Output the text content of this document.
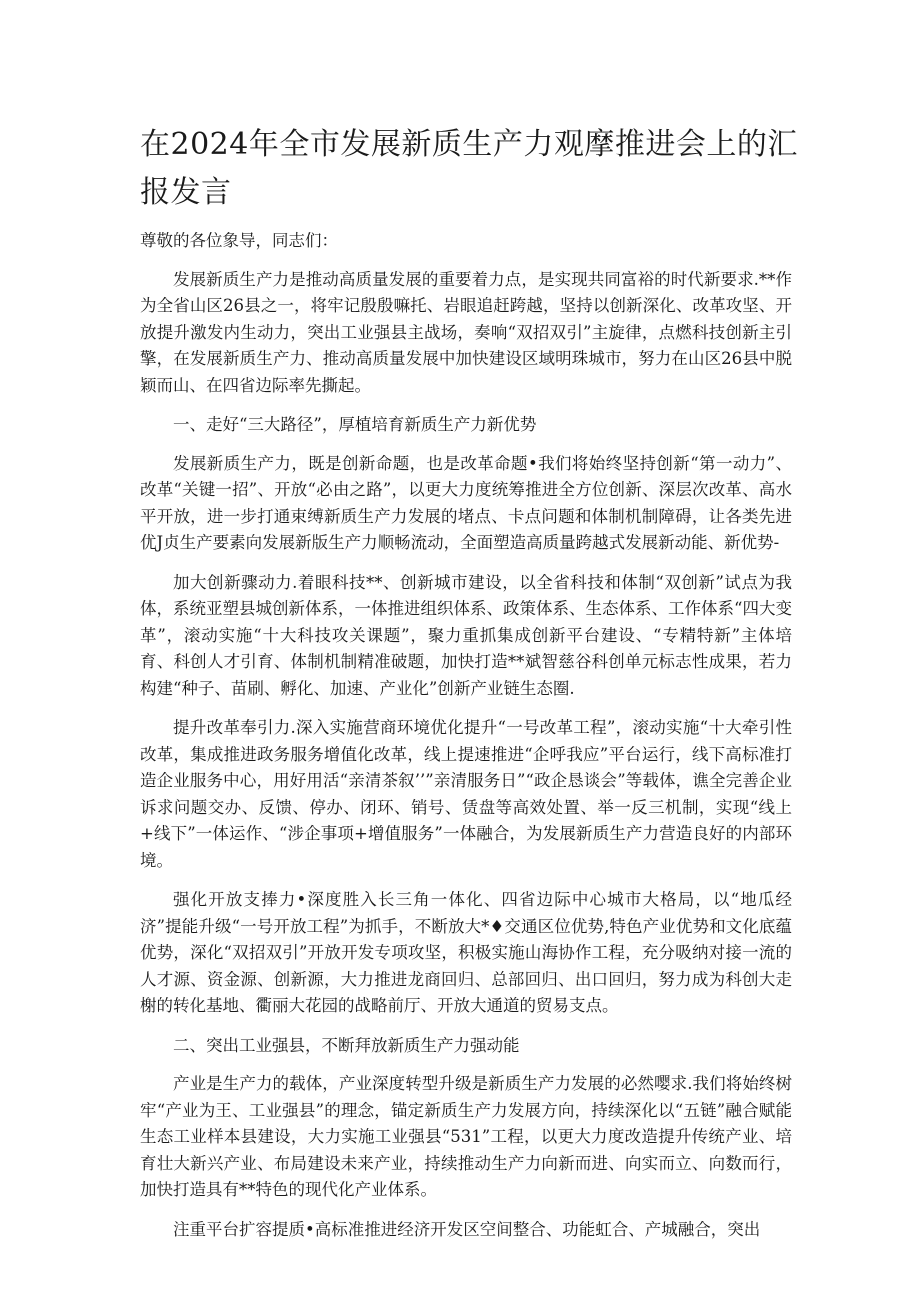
在2024年全市发展新质生产力观摩推进会上的汇报发言

尊敬的各位象导，同志们：

发展新质生产力是推动高质量发展的重要着力点，是实现共同富裕的时代新要求.**作为全省山区26县之一，将牢记殷殷嘛托、岩眼追赶跨越，坚持以创新深化、改革攻坚、开放提升激发内生动力，突出工业强县主战场，奏响“双招双引”主旋律，点燃科技创新主引擎，在发展新质生产力、推动高质量发展中加快建设区域明珠城市，努力在山区26县中脱颖而山、在四省边际率先撕起。

一、走好“三大路径”，厚植培育新质生产力新优势

发展新质生产力，既是创新命题，也是改革命题•我们将始终坚持创新“第一动力”、改革“关键一招”、开放“必由之路”，以更大力度统筹推进全方位创新、深层次改革、高水平开放，进一步打通束缚新质生产力发展的堵点、卡点问题和体制机制障碍，让各类先进优J贞生产要素向发展新版生产力顺畅流动，全面塑造高质量跨越式发展新动能、新优势-

加大创新骤动力.着眼科技**、创新城市建设，以全省科技和体制“双创新”试点为我体，系统亚塑县城创新体系，一体推进组织体系、政策体系、生态体系、工作体系“四大变革”，滚动实施“十大科技攻关课题”，聚力重抓集成创新平台建设、“专精特新”主体培育、科创人才引育、体制机制精准破题，加快打造**斌智慈谷科创单元标志性成果，若力构建“种子、苗刷、孵化、加速、产业化”创新产业链生态圈.

提升改革奉引力.深入实施营商环境优化提升“一号改革工程”，滚动实施“十大牵引性改革，集成推进政务服务增值化改革，线上提速推进“企呼我应”平台运行，线下高标准打造企业服务中心，用好用活“亲清茶叙’’”亲清服务日”“政企恳谈会”等载体，谯全完善企业诉求问题交办、反馈、停办、闭环、销号、赁盘等高效处置、举一反三机制，实现“线上+线下”一体运作、“涉企事项+增值服务”一体融合，为发展新质生产力营造良好的内部环境。

强化开放支捧力•深度胜入长三角一体化、四省边际中心城市大格局，以“地瓜经济”提能升级“一号开放工程”为抓手，不断放大*♦交通区位优势,特色产业优势和文化底蕴优势，深化“双招双引”开放开发专项攻坚，积极实施山海协作工程，充分吸纳对接一流的人才源、资金源、创新源，大力推进龙商回归、总部回归、出口回归，努力成为科创大走榭的转化基地、衢丽大花园的战略前厅、开放大通道的贸易支点。

二、突出工业强县，不断拜放新质生产力强动能

产业是生产力的载体，产业深度转型升级是新质生产力发展的必然嘤求.我们将始终树牢“产业为王、工业强县”的理念，锚定新质生产力发展方向，持续深化以“五链”融合赋能生态工业样本县建设，大力实施工业强县“531”工程，以更大力度改造提升传统产业、培育壮大新兴产业、布局建设未来产业，持续推动生产力向新而进、向实而立、向数而行，加快打造具有**特色的现代化产业体系。

注重平台扩容提质•高标准推进经济开发区空间整合、功能虹合、产城融合，突出
